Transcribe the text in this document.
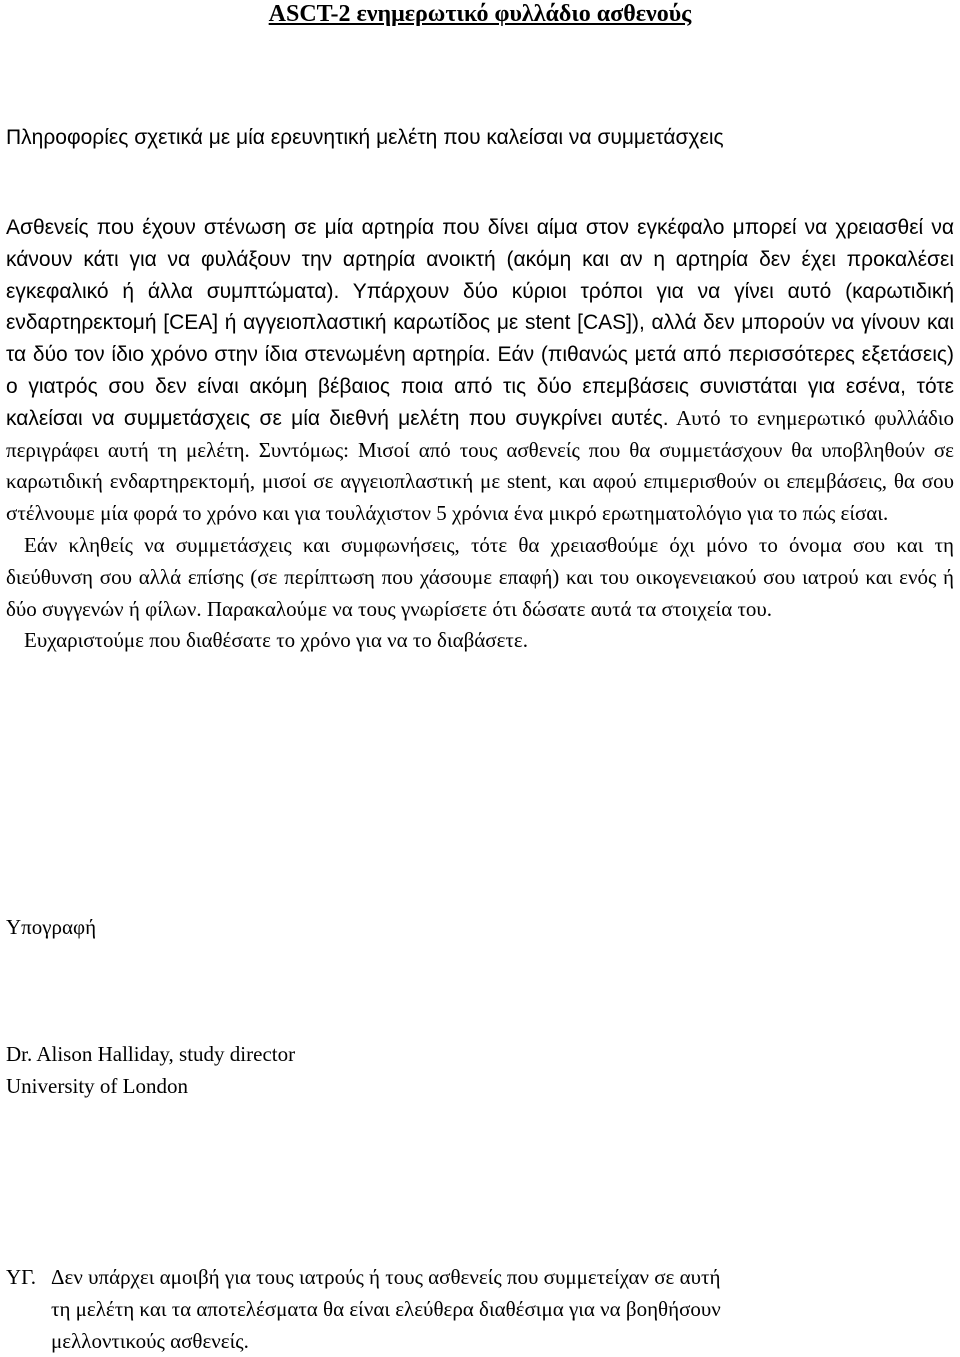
ASCT-2 ενημερωτικό φυλλάδιο ασθενούς
Πληροφορίες σχετικά με μία ερευνητική μελέτη που καλείσαι να συμμετάσχεις

Ασθενείς που έχουν στένωση σε μία αρτηρία που δίνει αίμα στον εγκέφαλο μπορεί να χρειασθεί να κάνουν κάτι για να φυλάξουν την αρτηρία ανοικτή (ακόμη και αν η αρτηρία δεν έχει προκαλέσει εγκεφαλικό ή άλλα συμπτώματα). Υπάρχουν δύο κύριοι τρόποι για να γίνει αυτό (καρωτιδική ενδαρτηρεκτομή [CEA] ή αγγειοπλαστική καρωτίδος με stent [CAS]), αλλά δεν μπορούν να γίνουν και τα δύο τον ίδιο χρόνο στην ίδια στενωμένη αρτηρία. Εάν (πιθανώς μετά από περισσότερες εξετάσεις) ο γιατρός σου δεν είναι ακόμη βέβαιος ποια από τις δύο επεμβάσεις συνιστάται για εσένα, τότε καλείσαι να συμμετάσχεις σε μία διεθνή μελέτη που συγκρίνει αυτές. Αυτό το ενημερωτικό φυλλάδιο περιγράφει αυτή τη μελέτη. Συντόμως: Μισοί από τους ασθενείς που θα συμμετάσχουν θα υποβληθούν σε καρωτιδική ενδαρτηρεκτομή, μισοί σε αγγειοπλαστική με stent, και αφού επιμερισθούν οι επεμβάσεις, θα σου στέλνουμε μία φορά το χρόνο και για τουλάχιστον 5 χρόνια ένα μικρό ερωτηματολόγιο για το πώς είσαι.
Εάν κληθείς να συμμετάσχεις και συμφωνήσεις, τότε θα χρειασθούμε όχι μόνο το όνομα σου και τη διεύθυνση σου αλλά επίσης (σε περίπτωση που χάσουμε επαφή) και του οικογενειακού σου ιατρού και ενός ή δύο συγγενών ή φίλων. Παρακαλούμε να τους γνωρίσετε ότι δώσατε αυτά τα στοιχεία του.
Ευχαριστούμε που διαθέσατε το χρόνο για να το διαβάσετε.

Υπογραφή
Dr. Alison Halliday, study director
University of London
ΥΓ. Δεν υπάρχει αμοιβή για τους ιατρούς ή τους ασθενείς που συμμετείχαν σε αυτή
τη μελέτη και τα αποτελέσματα θα είναι ελεύθερα διαθέσιμα για να βοηθήσουν
μελλοντικούς ασθενείς.
